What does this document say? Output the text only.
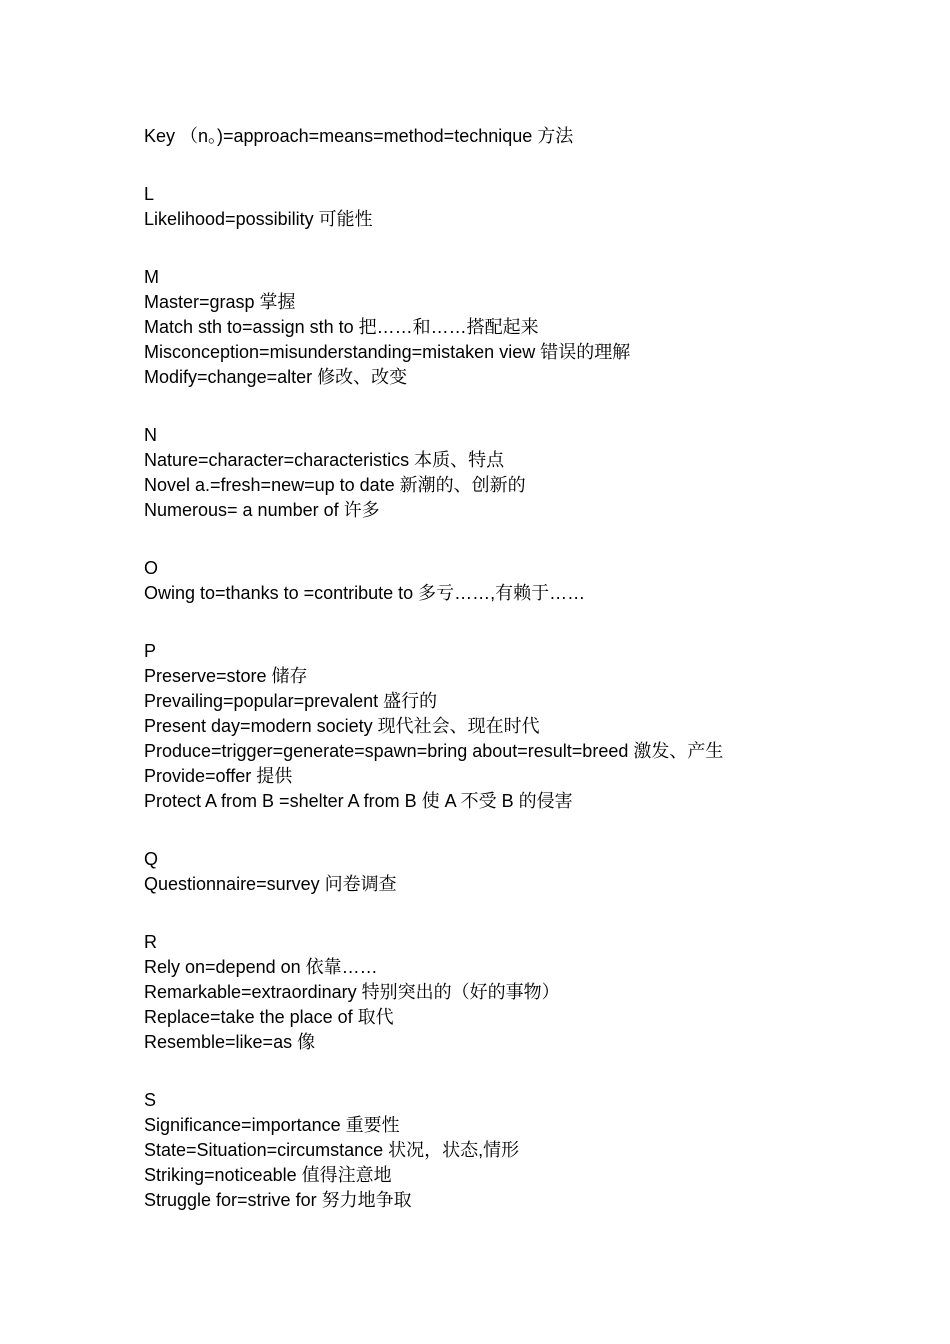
Key （n。)=approach=means=method=technique 方法
L
Likelihood=possibility 可能性
M
Master=grasp 掌握
Match sth to=assign sth to 把……和……搭配起来
Misconception=misunderstanding=mistaken view 错误的理解
Modify=change=alter 修改、改变
N
Nature=character=characteristics 本质、特点
Novel a.=fresh=new=up to date 新潮的、创新的
Numerous= a number of 许多
O
Owing to=thanks to =contribute to 多亏……,有赖于……
P
Preserve=store 储存
Prevailing=popular=prevalent 盛行的
Present day=modern society 现代社会、现在时代
Produce=trigger=generate=spawn=bring about=result=breed 激发、产生
Provide=offer 提供
Protect A from B =shelter A from B 使 A 不受 B 的侵害
Q
Questionnaire=survey 问卷调查
R
Rely on=depend on 依靠……
Remarkable=extraordinary 特别突出的（好的事物）
Replace=take the place of 取代
Resemble=like=as 像
S
Significance=importance 重要性
State=Situation=circumstance 状况，状态,情形
Striking=noticeable 值得注意地
Struggle for=strive for 努力地争取
